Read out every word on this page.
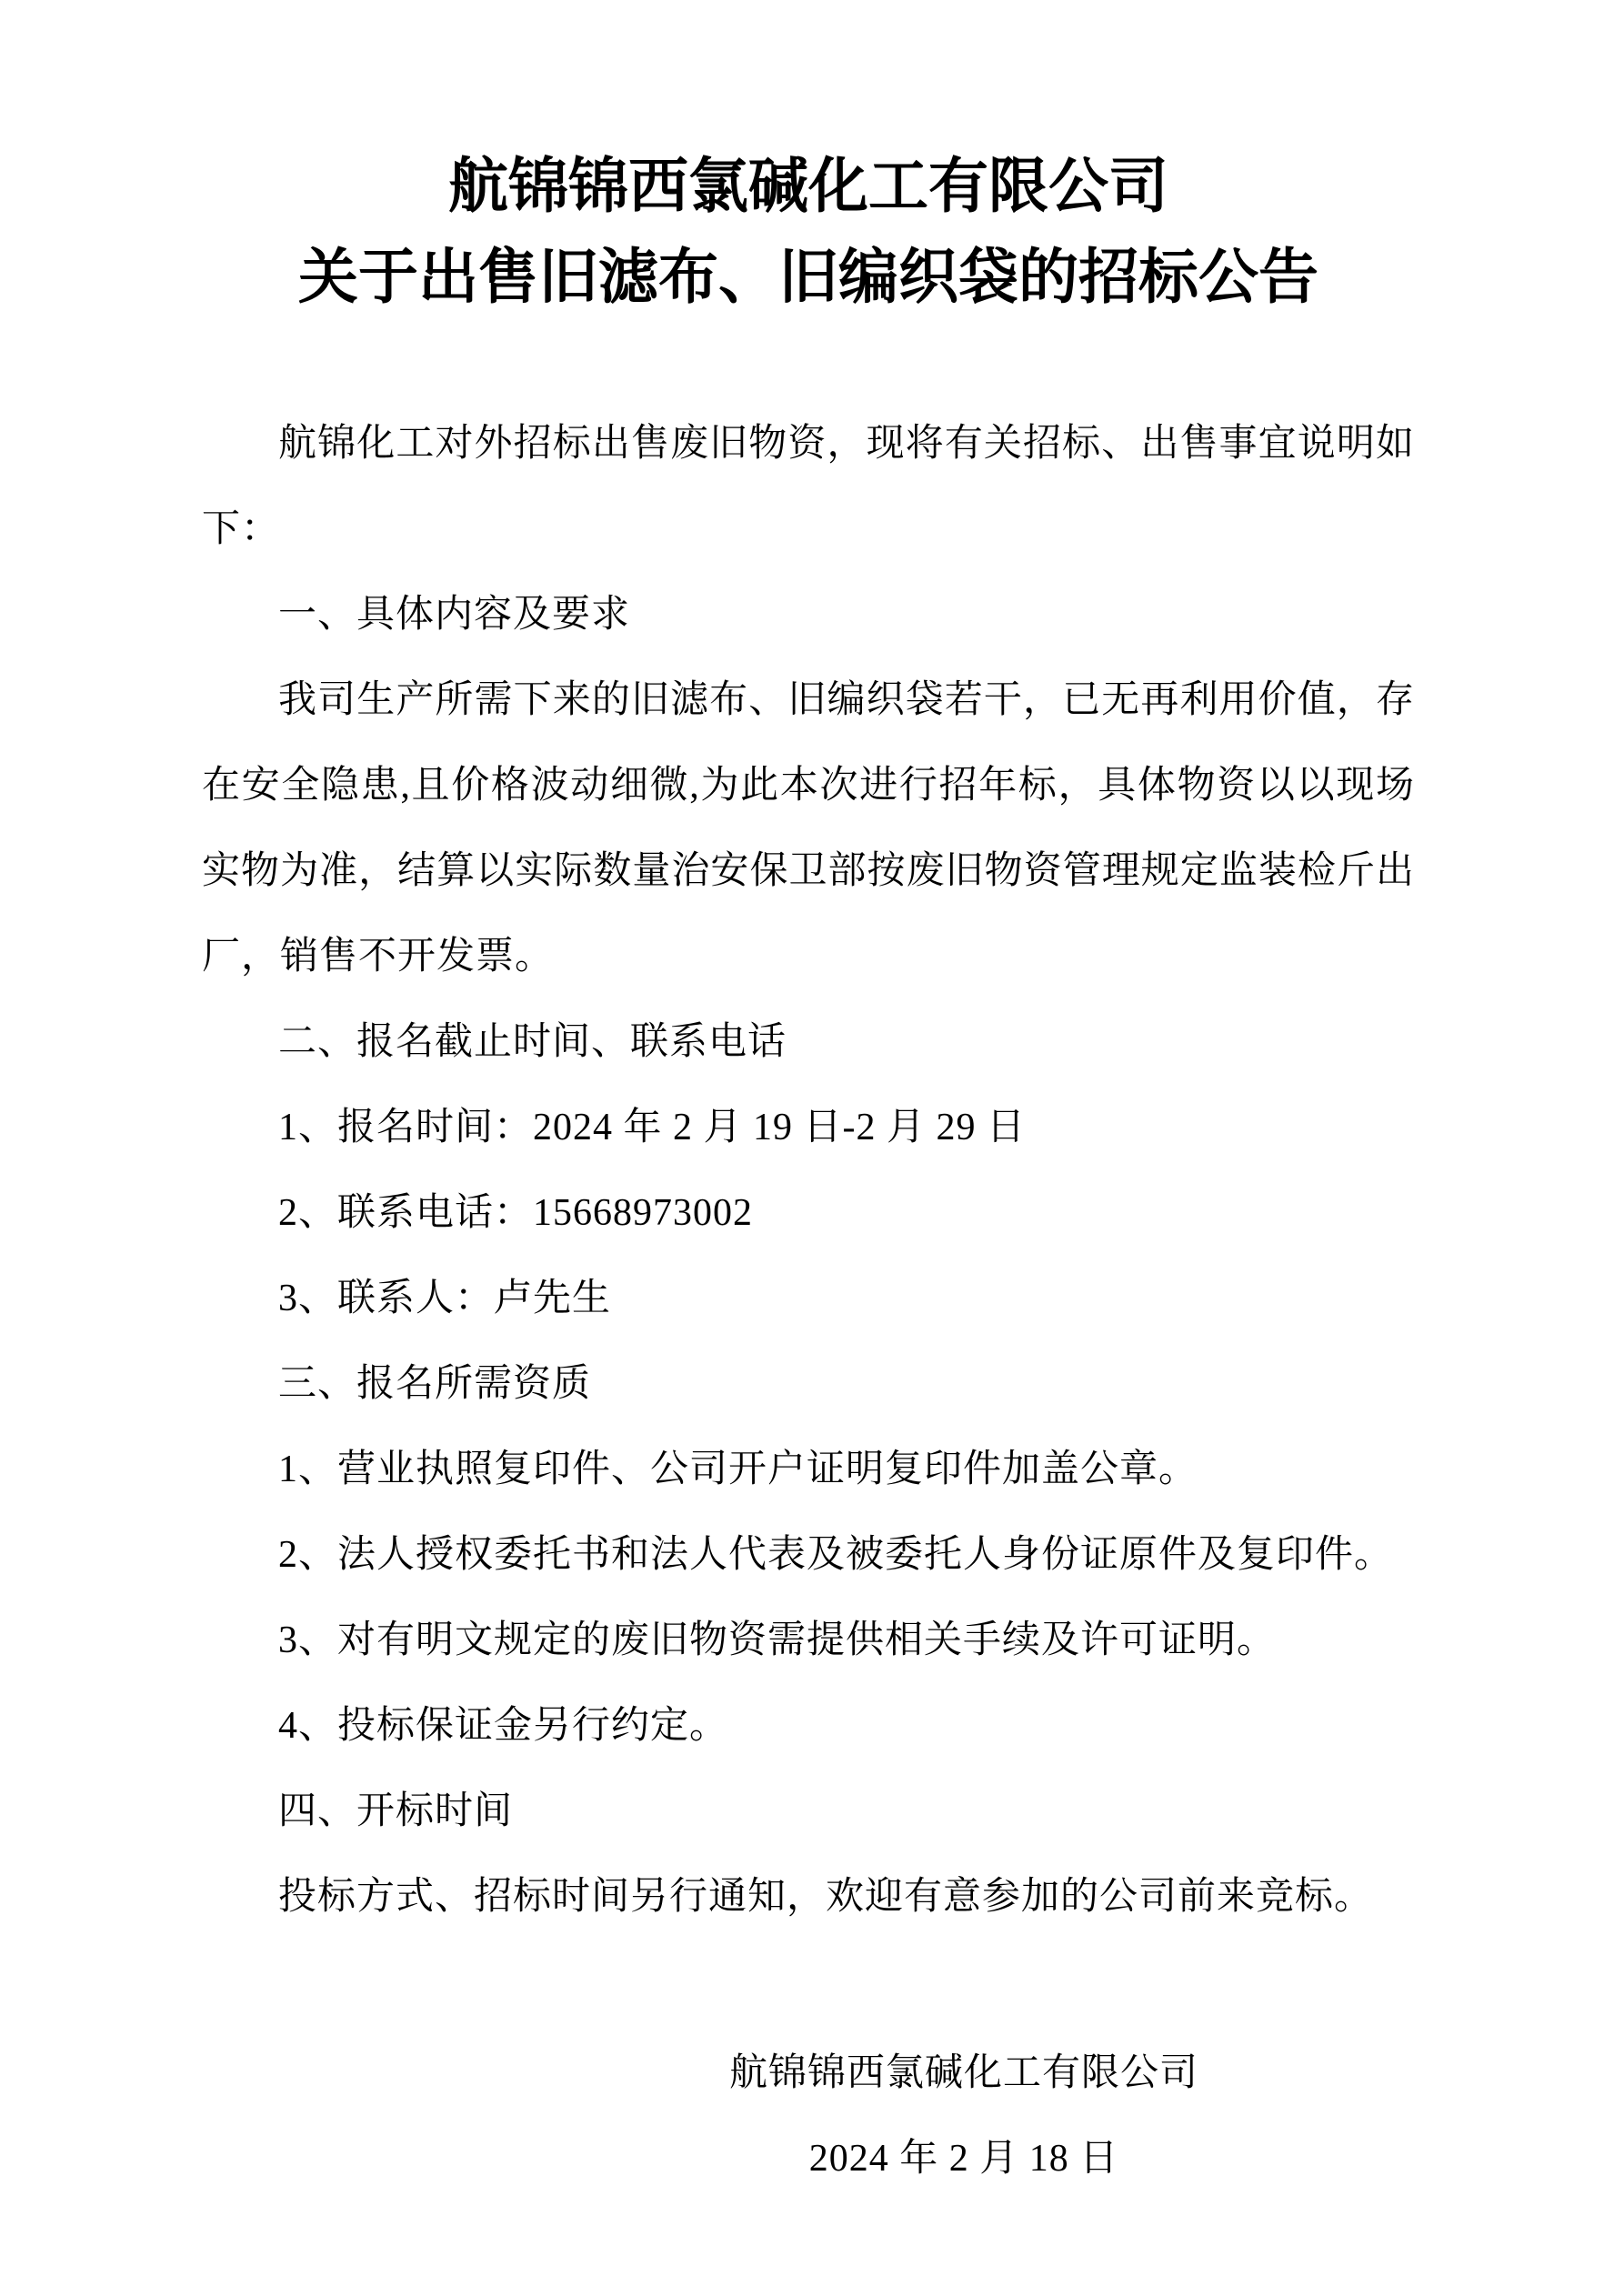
航锦锦西氯碱化工有限公司
关于出售旧滤布、旧编织袋的招标公告

航锦化工对外招标出售废旧物资，现将有关招标、出售事宜说明如下：

一、具体内容及要求

我司生产所需下来的旧滤布、旧编织袋若干，已无再利用价值，存在安全隐患,且价格波动细微,为此本次进行招年标，具体物资以以现场实物为准，结算以实际数量治安保卫部按废旧物资管理规定监装检斤出厂，销售不开发票。

二、报名截止时间、联系电话

1、报名时间：2024 年 2 月 19 日-2 月 29 日

2、联系电话：15668973002

3、联系人：卢先生

三、报名所需资质

1、营业执照复印件、公司开户证明复印件加盖公章。

2、法人授权委托书和法人代表及被委托人身份证原件及复印件。

3、对有明文规定的废旧物资需提供相关手续及许可证明。

4、投标保证金另行约定。

四、开标时间

投标方式、招标时间另行通知，欢迎有意参加的公司前来竞标。

航锦锦西氯碱化工有限公司

2024 年 2 月 18 日
